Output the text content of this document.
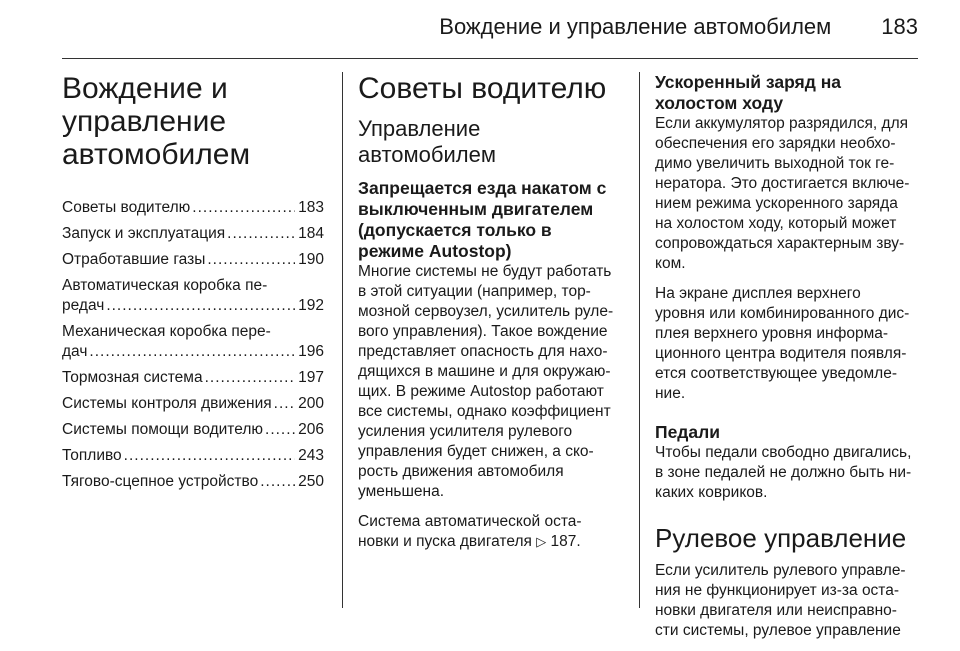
Вождение и управление автомобилем 183
Вождение и
управление
автомобилем
Советы водителю .....	183
Запуск и эксплуатация .....	184
Отработавшие газы .....	190
Автоматическая коробка пе-
редач .....	192
Механическая коробка пере-
дач .....	196
Тормозная система .....	197
Системы контроля движения ..... 200
Системы помощи водителю ..... 206
Топливо .....	243
Тягово-сцепное устройство .....	250
Советы водителю
Управление
автомобилем
Запрещается езда накатом с
выключенным двигателем
(допускается только в
режиме Autostop)

Многие системы не будут работать
в этой ситуации (например, тор-
мозной сервоузел, усилитель руле-
вого управления). Такое вождение
представляет опасность для нахо-
дящихся в машине и для окружаю-
щих. В режиме Autostop работают
все системы, однако коэффициент
усиления усилителя рулевого
управления будет снижен, а ско-
рость движения автомобиля
уменьшена.

Система автоматической оста-
новки и пуска двигателя ▷ 187.

Ускоренный заряд на
холостом ходу

Если аккумулятор разрядился, для
обеспечения его зарядки необхо-
димо увеличить выходной ток ге-
нератора. Это достигается включе-
нием режима ускоренного заряда
на холостом ходу, который может
сопровождаться характерным зву-
ком.

На экране дисплея верхнего
уровня или комбинированного дис-
плея верхнего уровня информа-
ционного центра водителя появля-
ется соответствующее уведомле-
ние.

Педали

Чтобы педали свободно двигались,
в зоне педалей не должно быть ни-
каких ковриков.

Рулевое управление

Если усилитель рулевого управле-
ния не функционирует из-за оста-
новки двигателя или неисправно-
сти системы, рулевое управление
